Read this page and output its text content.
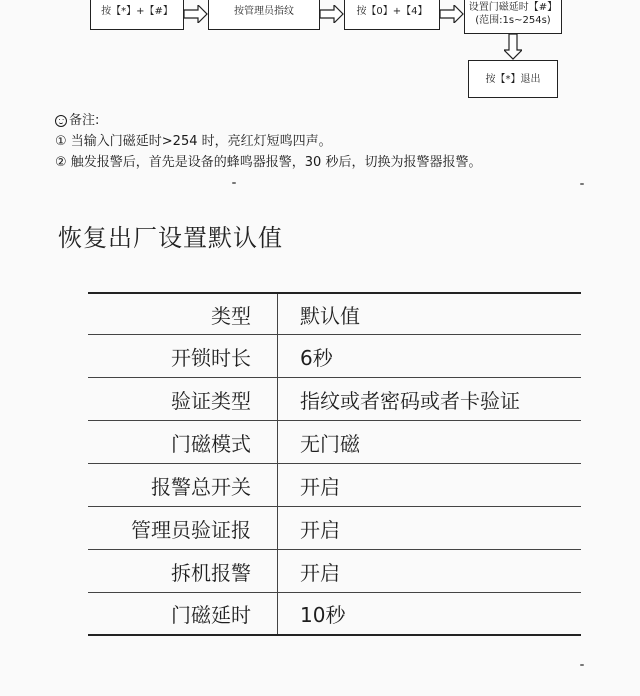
按【*】+【#】	按管理员指纹	按【0】+【4】	设置门磁延时【#】
(范围:1s~254s)
按【*】退出
备注:
① 当输入门磁延时>254 时，亮红灯短鸣四声。
② 触发报警后，首先是设备的蜂鸣器报警，30 秒后，切换为报警器报警。
恢复出厂设置默认值
类型	默认值
开锁时长	6秒
验证类型	指纹或者密码或者卡验证
门磁模式	无门磁
报警总开关	开启
管理员验证报	开启
拆机报警	开启
门磁延时	10秒
